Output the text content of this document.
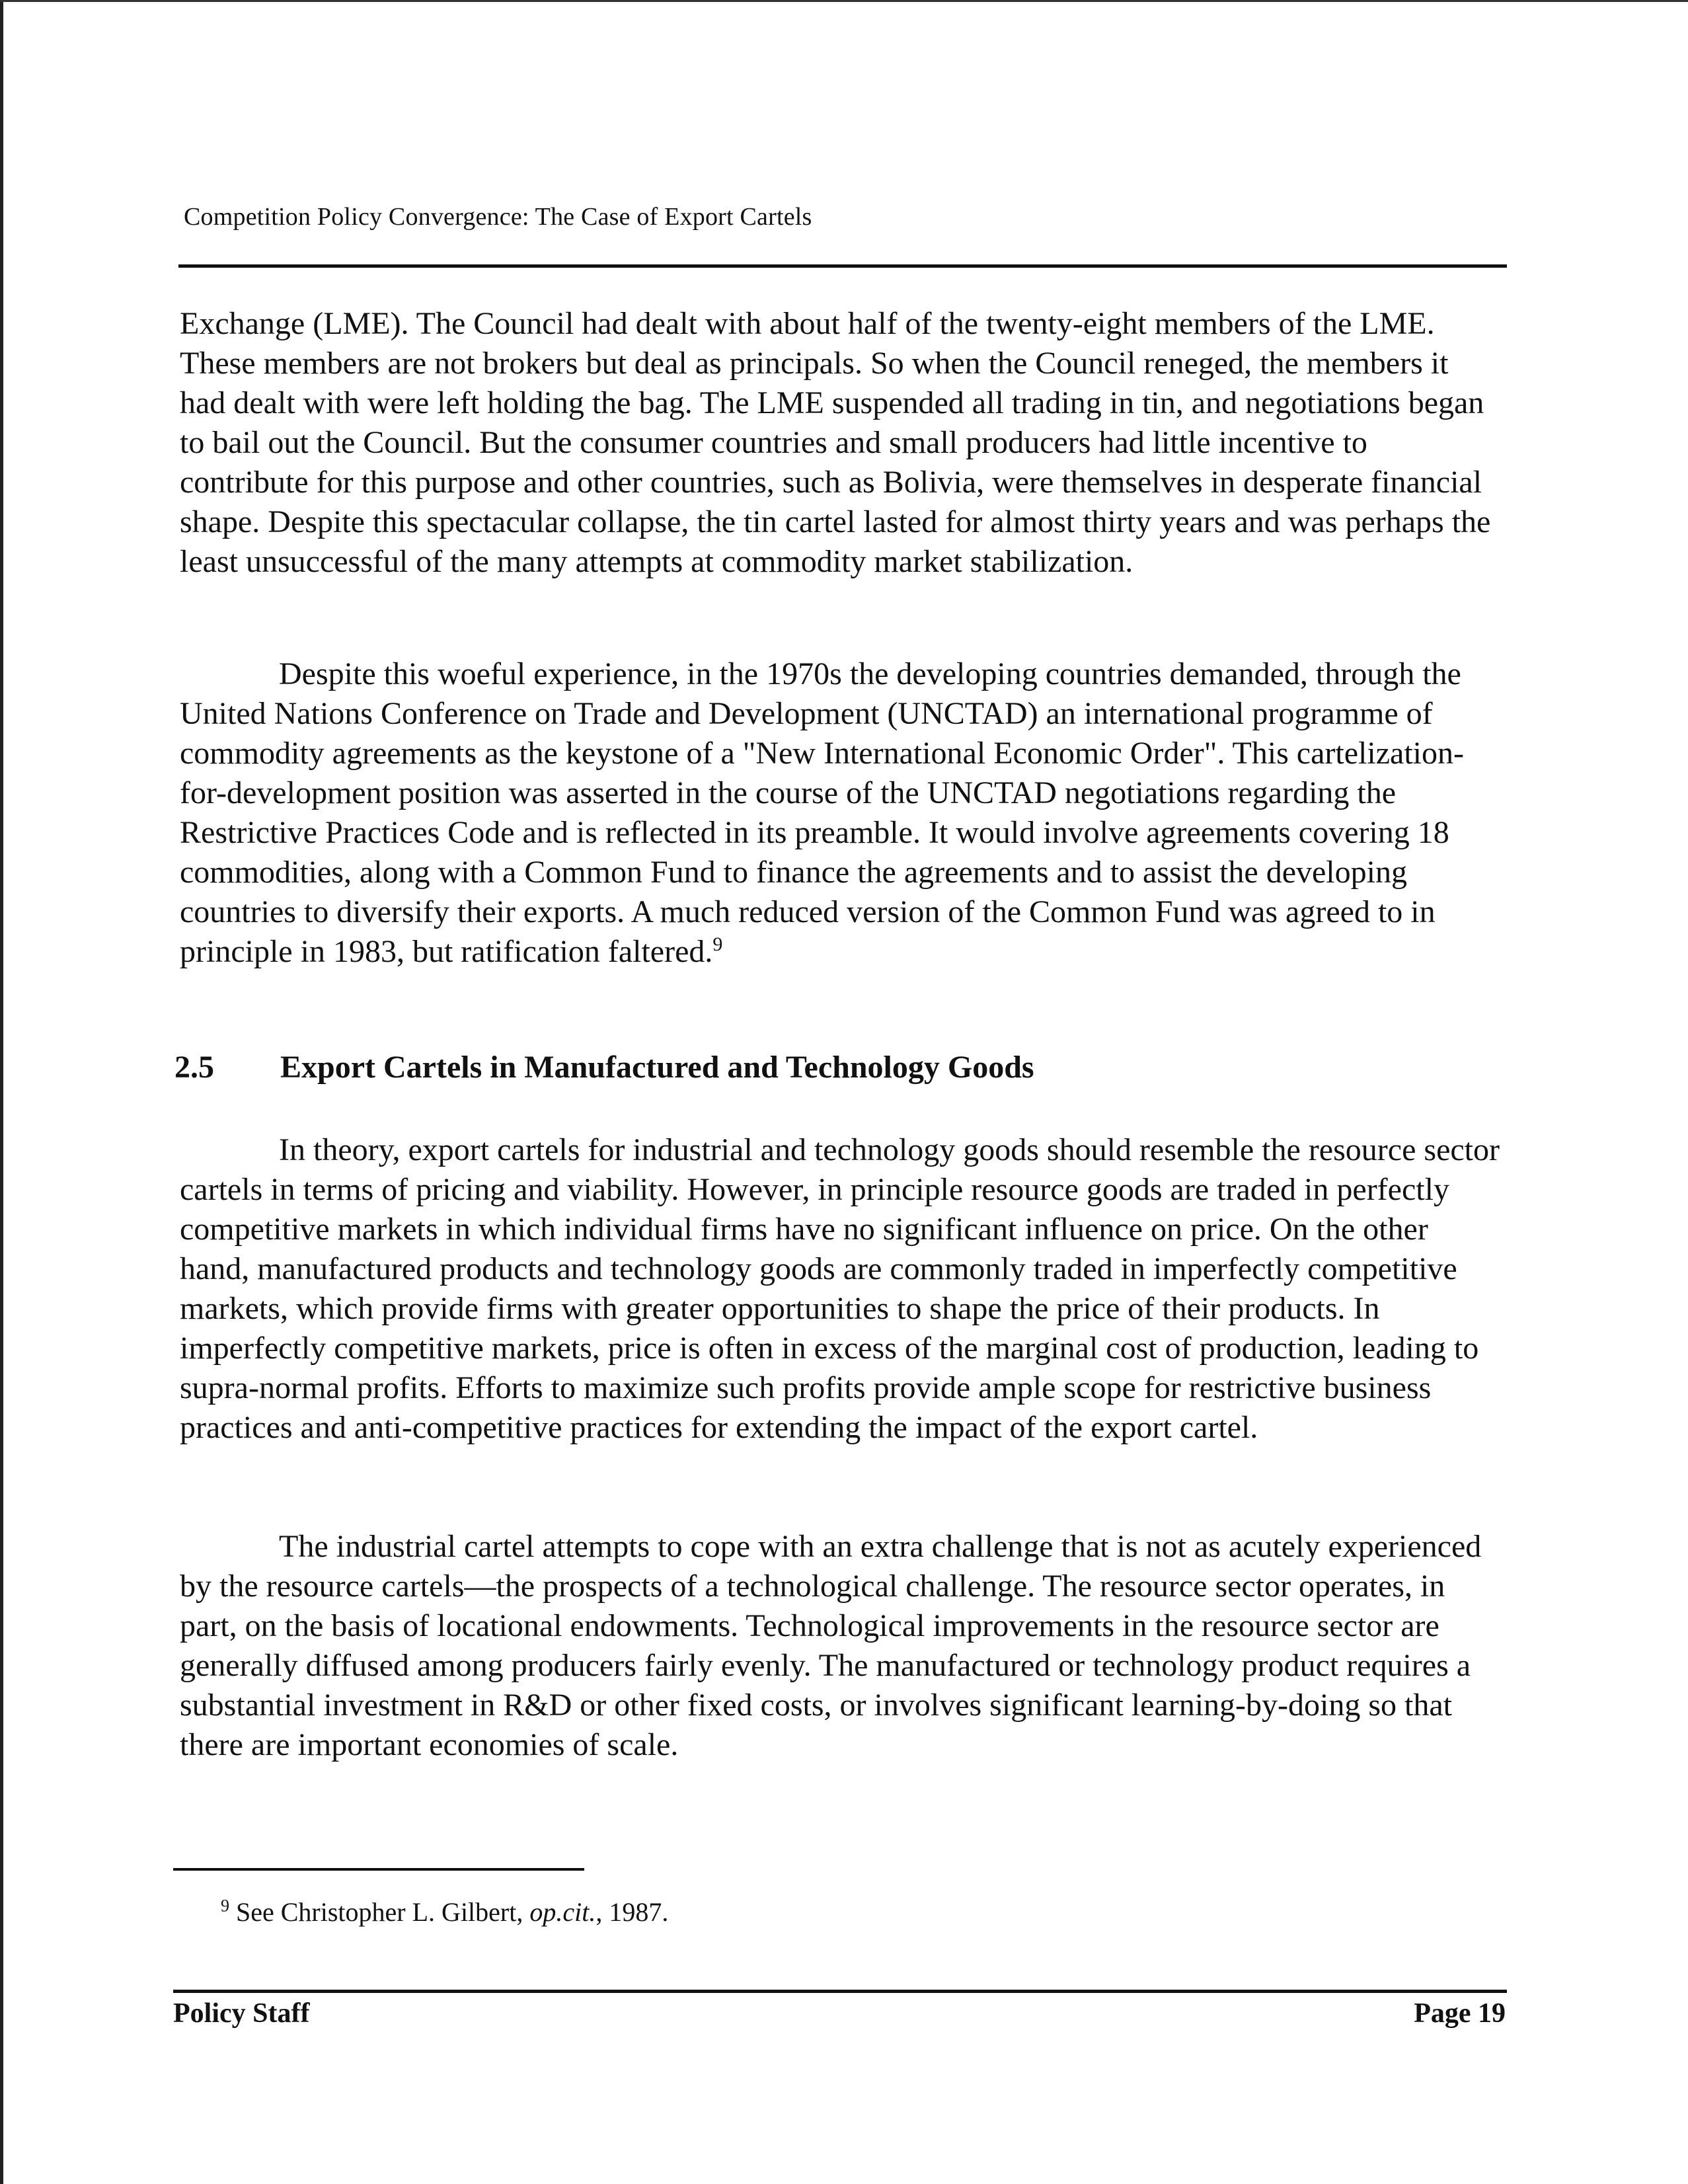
Competition Policy Convergence: The Case of Export Cartels

Exchange (LME). The Council had dealt with about half of the twenty-eight members of the LME. These members are not brokers but deal as principals. So when the Council reneged, the members it had dealt with were left holding the bag. The LME suspended all trading in tin, and negotiations began to bail out the Council. But the consumer countries and small producers had little incentive to contribute for this purpose and other countries, such as Bolivia, were themselves in desperate financial shape. Despite this spectacular collapse, the tin cartel lasted for almost thirty years and was perhaps the least unsuccessful of the many attempts at commodity market stabilization.

Despite this woeful experience, in the 1970s the developing countries demanded, through the United Nations Conference on Trade and Development (UNCTAD) an international programme of commodity agreements as the keystone of a "New International Economic Order". This cartelization-for-development position was asserted in the course of the UNCTAD negotiations regarding the Restrictive Practices Code and is reflected in its preamble. It would involve agreements covering 18 commodities, along with a Common Fund to finance the agreements and to assist the developing countries to diversify their exports. A much reduced version of the Common Fund was agreed to in principle in 1983, but ratification faltered.$^9$

2.5 Export Cartels in Manufactured and Technology Goods

In theory, export cartels for industrial and technology goods should resemble the resource sector cartels in terms of pricing and viability. However, in principle resource goods are traded in perfectly competitive markets in which individual firms have no significant influence on price. On the other hand, manufactured products and technology goods are commonly traded in imperfectly competitive markets, which provide firms with greater opportunities to shape the price of their products. In imperfectly competitive markets, price is often in excess of the marginal cost of production, leading to supra-normal profits. Efforts to maximize such profits provide ample scope for restrictive business practices and anti-competitive practices for extending the impact of the export cartel.

The industrial cartel attempts to cope with an extra challenge that is not as acutely experienced by the resource cartels—the prospects of a technological challenge. The resource sector operates, in part, on the basis of locational endowments. Technological improvements in the resource sector are generally diffused among producers fairly evenly. The manufactured or technology product requires a substantial investment in R&D or other fixed costs, or involves significant learning-by-doing so that there are important economies of scale.

$^9$ See Christopher L. Gilbert, op.cit., 1987.
Policy Staff	Page 19
